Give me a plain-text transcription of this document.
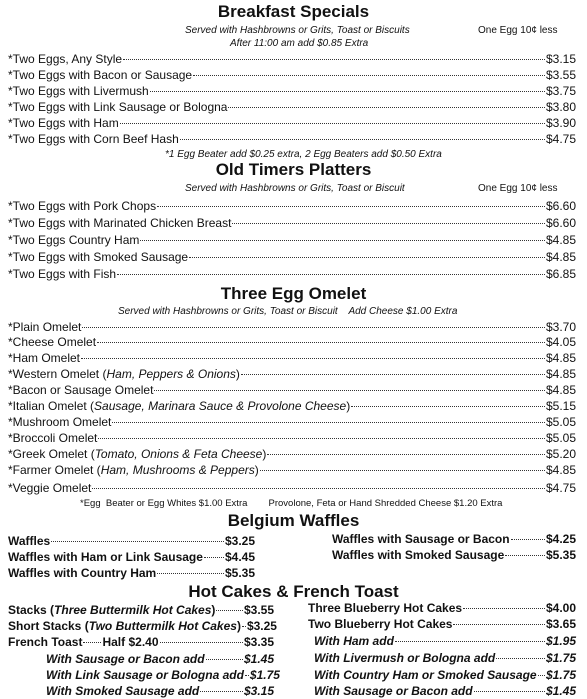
Breakfast Specials
Served with Hashbrowns or Grits, Toast or Biscuits	One Egg 10¢ less
After 11:00 am add $0.85 Extra
*Two Eggs, Any Style	$3.15
*Two Eggs with Bacon or Sausage	$3.55
*Two Eggs with Livermush	$3.75
*Two Eggs with Link Sausage or Bologna	$3.80
*Two Eggs with Ham	$3.90
*Two Eggs with Corn Beef Hash	$4.75
*1 Egg Beater add $0.25 extra, 2 Egg Beaters add $0.50 Extra
Old Timers Platters
Served with Hashbrowns or Grits, Toast or Biscuit	One Egg 10¢ less
*Two Eggs with Pork Chops	$6.60
*Two Eggs with Marinated Chicken Breast	$6.60
*Two Eggs Country Ham	$4.85
*Two Eggs with Smoked Sausage	$4.85
*Two Eggs with Fish	$6.85
Three Egg Omelet
Served with Hashbrowns or Grits, Toast or Biscuit    Add Cheese $1.00 Extra
*Plain Omelet	$3.70
*Cheese Omelet	$4.05
*Ham Omelet	$4.85
*Western Omelet (Ham, Peppers & Onions)	$4.85
*Bacon or Sausage Omelet	$4.85
*Italian Omelet (Sausage, Marinara Sauce & Provolone Cheese)	$5.15
*Mushroom Omelet	$5.05
*Broccoli Omelet	$5.05
*Greek Omelet (Tomato, Onions & Feta Cheese)	$5.20
*Farmer Omelet (Ham, Mushrooms & Peppers)	$4.85
*Veggie Omelet	$4.75
*Egg  Beater or Egg Whites $1.00 Extra        Provolone, Feta or Hand Shredded Cheese $1.20 Extra
Belgium Waffles
Waffles	$3.25
Waffles with Ham or Link Sausage $4.45
Waffles with Country Ham	$5.35
Waffles with Sausage or Bacon	$4.25
Waffles with Smoked Sausage	$5.35
Hot Cakes & French Toast
Stacks (Three Buttermilk Hot Cakes) $3.55
Short Stacks (Two Buttermilk Hot Cakes) $3.25
French Toast Half $2.40	$3.35
With Sausage or Bacon add	$1.45
With Link Sausage or Bologna add $1.75
With Smoked Sausage add	$3.15
Three Blueberry Hot Cakes	$4.00
Two Blueberry Hot Cakes	$3.65
With Ham add	$1.95
With Livermush or Bologna add	$1.75
With Country Ham or Smoked Sausage $1.75
With Sausage or Bacon add	$1.45
